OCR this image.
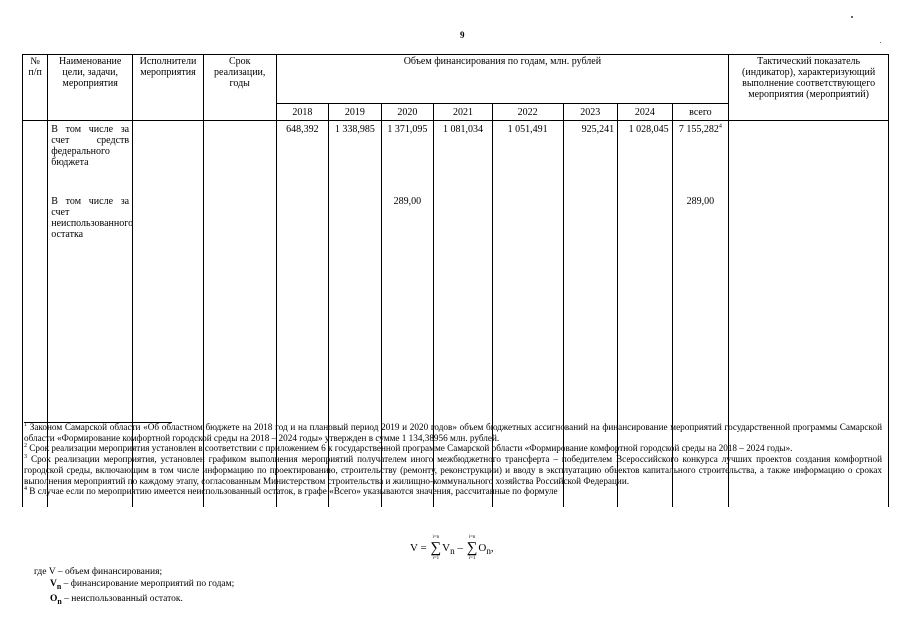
9
№ п/п	Наименование цели, задачи, мероприятия	Исполнители мероприятия	Срок реализации, годы	Объем финансирования по годам, млн. рублей								Тактический показатель (индикатор), характеризующий выполнение соответствующего мероприятия (мероприятий)
				2018	2019	2020	2021	2022	2023	2024	всего	
	В том числе за счет средств федерального бюджета			648,392	1 338,985	1 371,095	1 081,034	1 051,491	925,241	1 028,045	7 155,282$^4$	
	В том числе за счет неиспользованного остатка					289,00					289,00	

$^1$ Законом Самарской области «Об областном бюджете на 2018 год и на плановый период 2019 и 2020 годов» объем бюджетных ассигнований на финансирование мероприятий государственной программы Самарской области «Формирование комфортной городской среды на 2018 – 2024 годы» утвержден в сумме 1 134,38956 млн. рублей.

$^2$ Срок реализации мероприятия установлен в соответствии с приложением 6 к государственной программе Самарской области «Формирование комфортной городской среды на 2018 – 2024 годы».

$^3$ Срок реализации мероприятия, установлен графиком выполнения мероприятий получателем иного межбюджетного трансферта – победителем Всероссийского конкурса лучших проектов создания комфортной городской среды, включающим в том числе информацию по проектированию, строительству (ремонту, реконструкции) и вводу в эксплуатацию объектов капитального строительства, а также информацию о сроках выполнения мероприятий по каждому этапу, согласованным Министерством строительства и жилищно-коммунального хозяйства Российской Федерации.

$^4$ В случае если по мероприятию имеется неиспользованный остаток, в графе «Всего» указываются значения, рассчитанные по формуле

V = ∑
i=n
i=1
$V_n$ – ∑
i=n
i=1
$O_n$,
где V – объем финансирования;
$V_n$ – финансирование мероприятий по годам;
$O_n$ – неиспользованный остаток.
